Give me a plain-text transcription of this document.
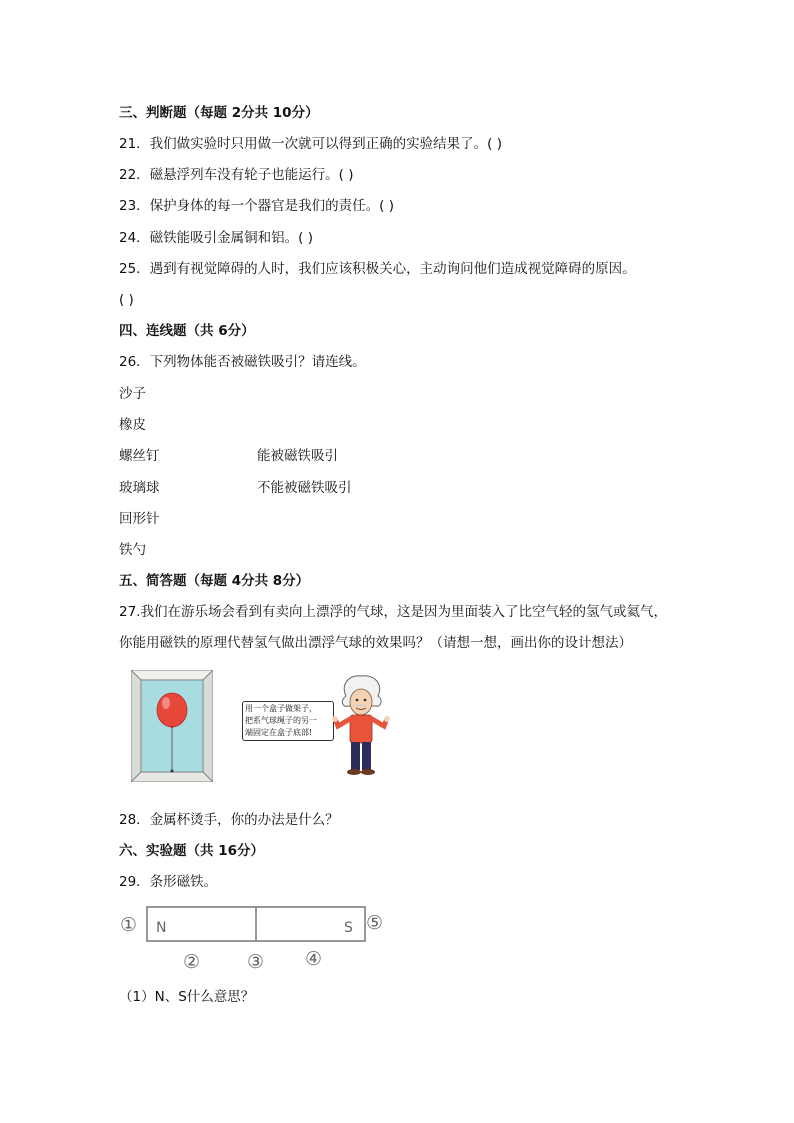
三、判断题（每题 2分共 10分）
21．我们做实验时只用做一次就可以得到正确的实验结果了。( )
22．磁悬浮列车没有轮子也能运行。( )
23．保护身体的每一个器官是我们的责任。( )
24．磁铁能吸引金属铜和铝。( )
25．遇到有视觉障碍的人时，我们应该积极关心，主动询问他们造成视觉障碍的原因。
( )
四、连线题（共 6分）
26．下列物体能否被磁铁吸引？请连线。
沙子
橡皮
螺丝钉	能被磁铁吸引
玻璃球	不能被磁铁吸引
回形针
铁勺
五、简答题（每题 4分共 8分）
27.我们在游乐场会看到有卖向上漂浮的气球，这是因为里面装入了比空气轻的氢气或氦气，
你能用磁铁的原理代替氢气做出漂浮气球的效果吗？（请想一想，画出你的设计想法）
用一个盒子做架子，
把系气球绳子的另一
端固定在盒子底部!
28．金属杯烫手，你的办法是什么？
六、实验题（共 16分）
29．条形磁铁。
N	S
①	⑤
② ③ ④
（1）N、S什么意思？
